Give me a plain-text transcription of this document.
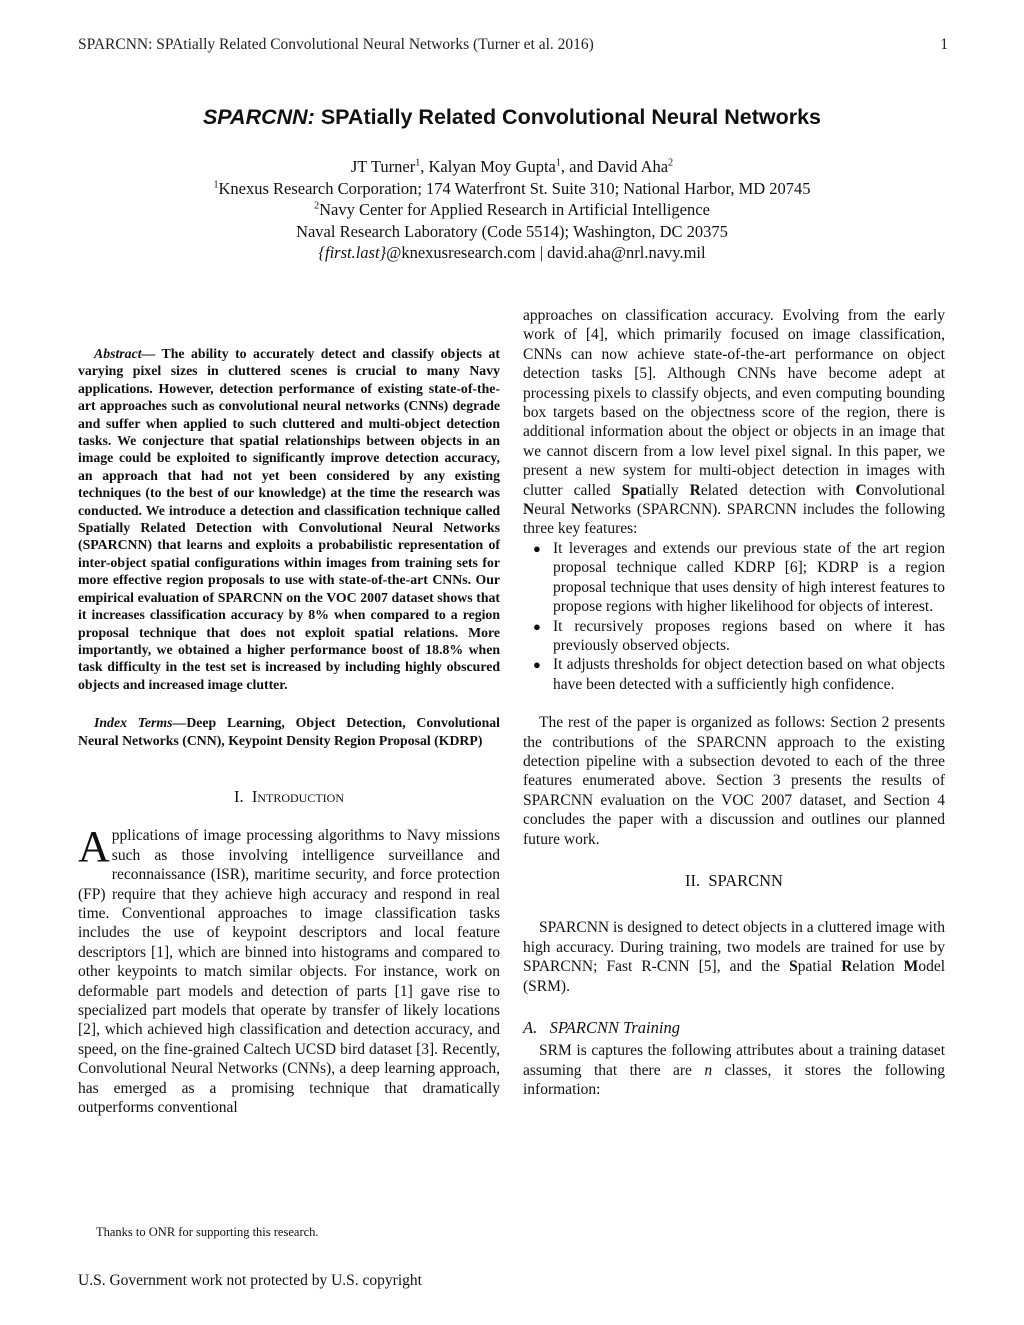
SPARCNN: SPAtially Related Convolutional Neural Networks (Turner et al. 2016)	1
SPARCNN: SPAtially Related Convolutional Neural Networks
JT Turner$^1$, Kalyan Moy Gupta$^1$, and David Aha$^2$
$^1$Knexus Research Corporation; 174 Waterfront St. Suite 310; National Harbor, MD 20745
$^2$Navy Center for Applied Research in Artificial Intelligence
Naval Research Laboratory (Code 5514); Washington, DC 20375
{first.last}@knexusresearch.com | david.aha@nrl.navy.mil

Abstract— The ability to accurately detect and classify objects at varying pixel sizes in cluttered scenes is crucial to many Navy applications. However, detection performance of existing state-of-the-art approaches such as convolutional neural networks (CNNs) degrade and suffer when applied to such cluttered and multi-object detection tasks. We conjecture that spatial relationships between objects in an image could be exploited to significantly improve detection accuracy, an approach that had not yet been considered by any existing techniques (to the best of our knowledge) at the time the research was conducted. We introduce a detection and classification technique called Spatially Related Detection with Convolutional Neural Networks (SPARCNN) that learns and exploits a probabilistic representation of inter-object spatial configurations within images from training sets for more effective region proposals to use with state-of-the-art CNNs. Our empirical evaluation of SPARCNN on the VOC 2007 dataset shows that it increases classification accuracy by 8% when compared to a region proposal technique that does not exploit spatial relations. More importantly, we obtained a higher performance boost of 18.8% when task difficulty in the test set is increased by including highly obscured objects and increased image clutter.

Index Terms—Deep Learning, Object Detection, Convolutional Neural Networks (CNN), Keypoint Density Region Proposal (KDRP)

I. Introduction

Applications of image processing algorithms to Navy missions such as those involving intelligence surveillance and reconnaissance (ISR), maritime security, and force protection (FP) require that they achieve high accuracy and respond in real time. Conventional approaches to image classification tasks includes the use of keypoint descriptors and local feature descriptors [1], which are binned into histograms and compared to other keypoints to match similar objects. For instance, work on deformable part models and detection of parts [1] gave rise to specialized part models that operate by transfer of likely locations [2], which achieved high classification and detection accuracy, and speed, on the fine-grained Caltech UCSD bird dataset [3]. Recently, Convolutional Neural Networks (CNNs), a deep learning approach, has emerged as a promising technique that dramatically outperforms conventional

approaches on classification accuracy. Evolving from the early work of [4], which primarily focused on image classification, CNNs can now achieve state-of-the-art performance on object detection tasks [5]. Although CNNs have become adept at processing pixels to classify objects, and even computing bounding box targets based on the objectness score of the region, there is additional information about the object or objects in an image that we cannot discern from a low level pixel signal. In this paper, we present a new system for multi-object detection in images with clutter called Spatially Related detection with Convolutional Neural Networks (SPARCNN). SPARCNN includes the following three key features:

● It leverages and extends our previous state of the art region proposal technique called KDRP [6]; KDRP is a region proposal technique that uses density of high interest features to propose regions with higher likelihood for objects of interest.
● It recursively proposes regions based on where it has previously observed objects.
● It adjusts thresholds for object detection based on what objects have been detected with a sufficiently high confidence.

The rest of the paper is organized as follows: Section 2 presents the contributions of the SPARCNN approach to the existing detection pipeline with a subsection devoted to each of the three features enumerated above. Section 3 presents the results of SPARCNN evaluation on the VOC 2007 dataset, and Section 4 concludes the paper with a discussion and outlines our planned future work.

II. SPARCNN

SPARCNN is designed to detect objects in a cluttered image with high accuracy. During training, two models are trained for use by SPARCNN; Fast R-CNN [5], and the Spatial Relation Model (SRM).

A. SPARCNN Training

SRM is captures the following attributes about a training dataset assuming that there are n classes, it stores the following information:

Thanks to ONR for supporting this research.
U.S. Government work not protected by U.S. copyright
